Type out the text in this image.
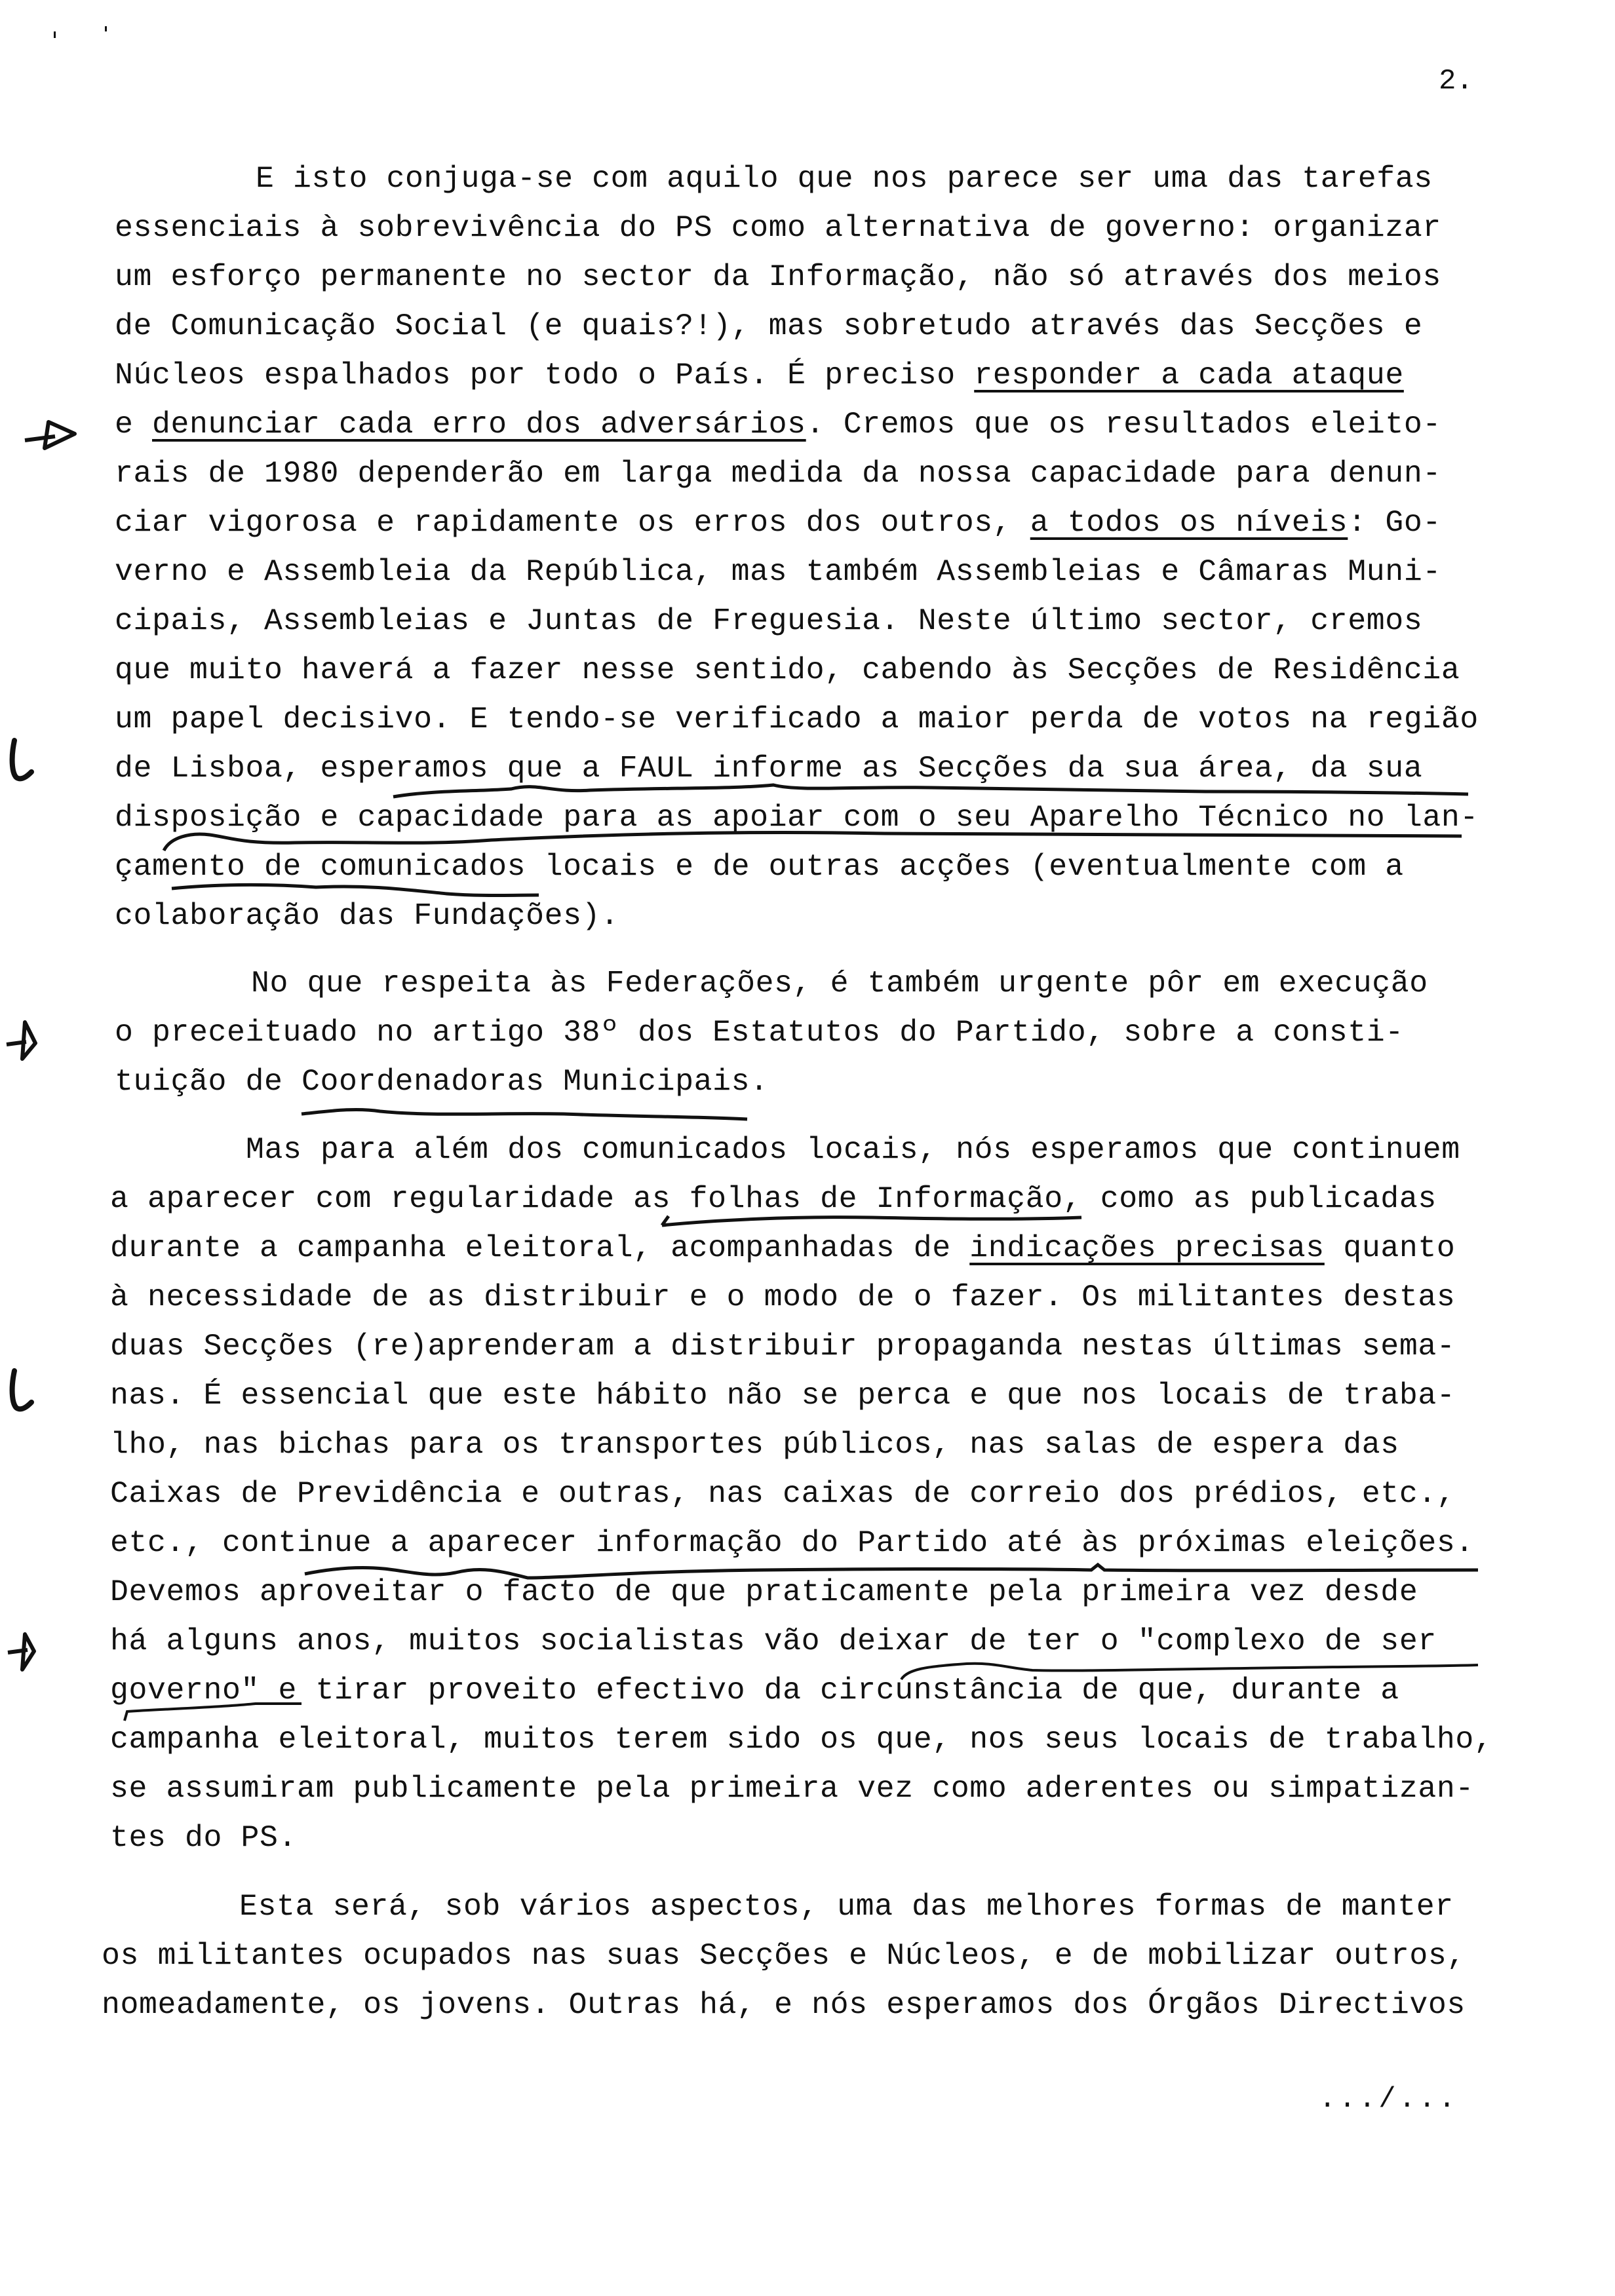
2.
E isto conjuga-se com aquilo que nos parece ser uma das tarefas
essenciais à sobrevivência do PS como alternativa de governo: organizar
um esforço permanente no sector da Informação, não só através dos meios
de Comunicação Social (e quais?!), mas sobretudo através das Secções e
Núcleos espalhados por todo o País. É preciso responder a cada ataque
e denunciar cada erro dos adversários. Cremos que os resultados eleito-
rais de 1980 dependerão em larga medida da nossa capacidade para denun-
ciar vigorosa e rapidamente os erros dos outros, a todos os níveis: Go-
verno e Assembleia da República, mas também Assembleias e Câmaras Muni-
cipais, Assembleias e Juntas de Freguesia. Neste último sector, cremos
que muito haverá a fazer nesse sentido, cabendo às Secções de Residência
um papel decisivo. E tendo-se verificado a maior perda de votos na região
de Lisboa, esperamos que a FAUL informe as Secções da sua área, da sua
disposição e capacidade para as apoiar com o seu Aparelho Técnico no lan-
çamento de comunicados locais e de outras acções (eventualmente com a
colaboração das Fundações).
No que respeita às Federações, é também urgente pôr em execução
o preceituado no artigo 38º dos Estatutos do Partido, sobre a consti-
tuição de Coordenadoras Municipais.
Mas para além dos comunicados locais, nós esperamos que continuem
a aparecer com regularidade as folhas de Informação, como as publicadas
durante a campanha eleitoral, acompanhadas de indicações precisas quanto
à necessidade de as distribuir e o modo de o fazer. Os militantes destas
duas Secções (re)aprenderam a distribuir propaganda nestas últimas sema-
nas. É essencial que este hábito não se perca e que nos locais de traba-
lho, nas bichas para os transportes públicos, nas salas de espera das
Caixas de Previdência e outras, nas caixas de correio dos prédios, etc.,
etc., continue a aparecer informação do Partido até às próximas eleições.
Devemos aproveitar o facto de que praticamente pela primeira vez desde
há alguns anos, muitos socialistas vão deixar de ter o "complexo de ser
governo" e tirar proveito efectivo da circunstância de que, durante a
campanha eleitoral, muitos terem sido os que, nos seus locais de trabalho,
se assumiram publicamente pela primeira vez como aderentes ou simpatizan-
tes do PS.
Esta será, sob vários aspectos, uma das melhores formas de manter
os militantes ocupados nas suas Secções e Núcleos, e de mobilizar outros,
nomeadamente, os jovens. Outras há, e nós esperamos dos Órgãos Directivos
.../...
